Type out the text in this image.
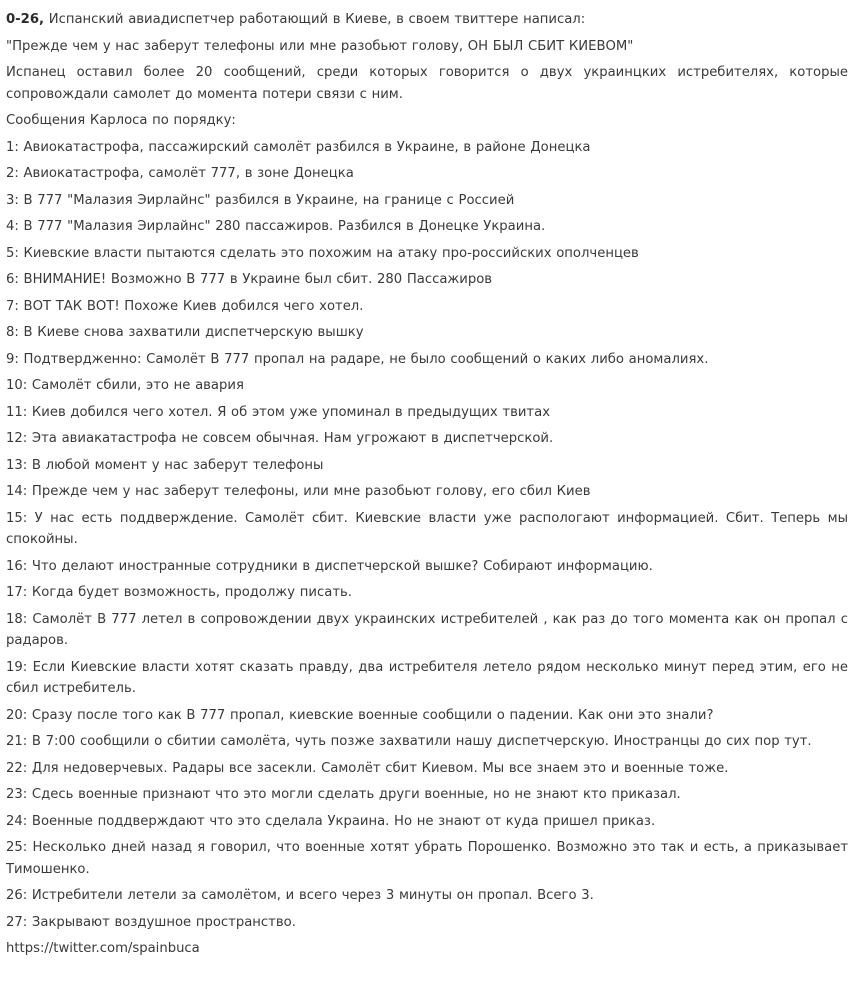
0-26, Испанский авиадиспетчер работающий в Киеве, в своем твиттере написал:

"Прежде чем у нас заберут телефоны или мне разобьют голову, ОН БЫЛ СБИТ КИЕВОМ"

Испанец оставил более 20 сообщений, среди которых говорится о двух украинцких истребителях, которые сопровождали самолет до момента потери связи с ним.

Сообщения Карлоса по порядку:

1: Авиокатастрофа, пассажирский самолёт разбился в Украине, в районе Донецка

2: Авиокатастрофа, самолёт 777, в зоне Донецка

3: В 777 "Малазия Эирлайнс" разбился в Украине, на границе с Россией

4: В 777 "Малазия Эирлайнс" 280 пассажиров. Разбился в Донецке Украина.

5: Киевские власти пытаются сделать это похожим на атаку про-российских ополченцев

6: ВНИМАНИЕ! Возможно В 777 в Украине был сбит. 280 Пассажиров

7: ВОТ ТАК ВОТ! Похоже Киев добился чего хотел.

8: В Киеве снова захватили диспетчерскую вышку

9: Подтвердженно: Самолёт В 777 пропал на радаре, не было сообщений о каких либо аномалиях.

10: Самолёт сбили, это не авария

11: Киев добился чего хотел. Я об этом уже упоминал в предыдущих твитах

12: Эта авиакатастрофа не совсем обычная. Нам угрожают в диспетчерской.

13: В любой момент у нас заберут телефоны

14: Прежде чем у нас заберут телефоны, или мне разобьют голову, его сбил Киев

15: У нас есть поддверждение. Самолёт сбит. Киевские власти уже распологают информацией. Сбит. Теперь мы спокойны.

16: Что делают иностранные сотрудники в диспетчерской вышке? Собирают информацию.

17: Когда будет возможность, продолжу писать.

18: Самолёт В 777 летел в сопровождении двух украинских истребителей , как раз до того момента как он пропал с радаров.

19: Если Киевские власти хотят сказать правду, два истребителя летело рядом несколько минут перед этим, его не сбил истребитель.

20: Сразу после того как В 777 пропал, киевские военные сообщили о падении. Как они это знали?

21: В 7:00 сообщили о сбитии самолёта, чуть позже захватили нашу диспетчерскую. Иностранцы до сих пор тут.

22: Для недоверчевых. Радары все засекли. Самолёт сбит Киевом. Мы все знаем это и военные тоже.

23: Сдесь военные признают что это могли сделать други военные, но не знают кто приказал.

24: Военные поддверждают что это сделала Украина. Но не знают от куда пришел приказ.

25: Несколько дней назад я говорил, что военные хотят убрать Порошенко. Возможно это так и есть, а приказывает Тимошенко.

26: Истребители летели за самолётом, и всего через 3 минуты он пропал. Всего 3.

27: Закрывают воздушное пространство.

https://twitter.com/spainbuca
